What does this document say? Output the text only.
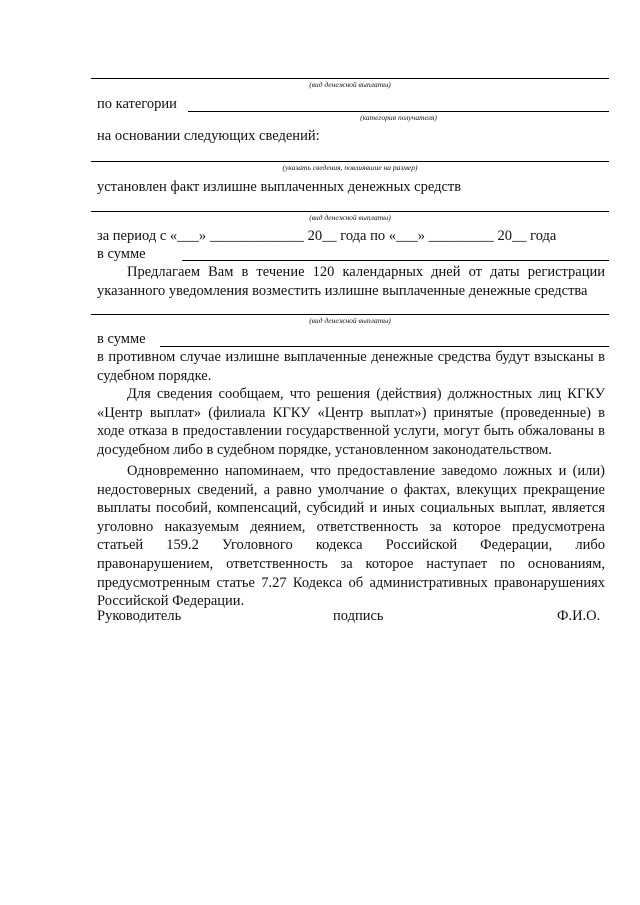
(вид денежной выплаты)
по категории
(категория получателя)
на основании следующих сведений:
(указать сведения, повлиявшие на размер)
установлен факт излишне выплаченных денежных средств
(вид денежной выплаты)
за период с «___» _____________ 20__ года по «___» _________ 20__ года
в сумме
Предлагаем Вам в течение 120 календарных дней от даты регистрации указанного уведомления возместить излишне выплаченные денежные средства
(вид денежной выплаты)
в сумме
в противном случае излишне выплаченные денежные средства будут взысканы в судебном порядке.
Для сведения сообщаем, что решения (действия) должностных лиц КГКУ «Центр выплат» (филиала КГКУ «Центр выплат») принятые (проведенные) в ходе отказа в предоставлении государственной услуги, могут быть обжалованы в досудебном либо в судебном порядке, установленном законодательством.
Одновременно напоминаем, что предоставление заведомо ложных и (или) недостоверных сведений, а равно умолчание о фактах, влекущих прекращение выплаты пособий, компенсаций, субсидий и иных социальных выплат, является уголовно наказуемым деянием, ответственность за которое предусмотрена статьей 159.2 Уголовного кодекса Российской Федерации, либо правонарушением, ответственность за которое наступает по основаниям, предусмотренным статье 7.27 Кодекса об административных правонарушениях Российской Федерации.
Руководитель	подпись	Ф.И.О.
